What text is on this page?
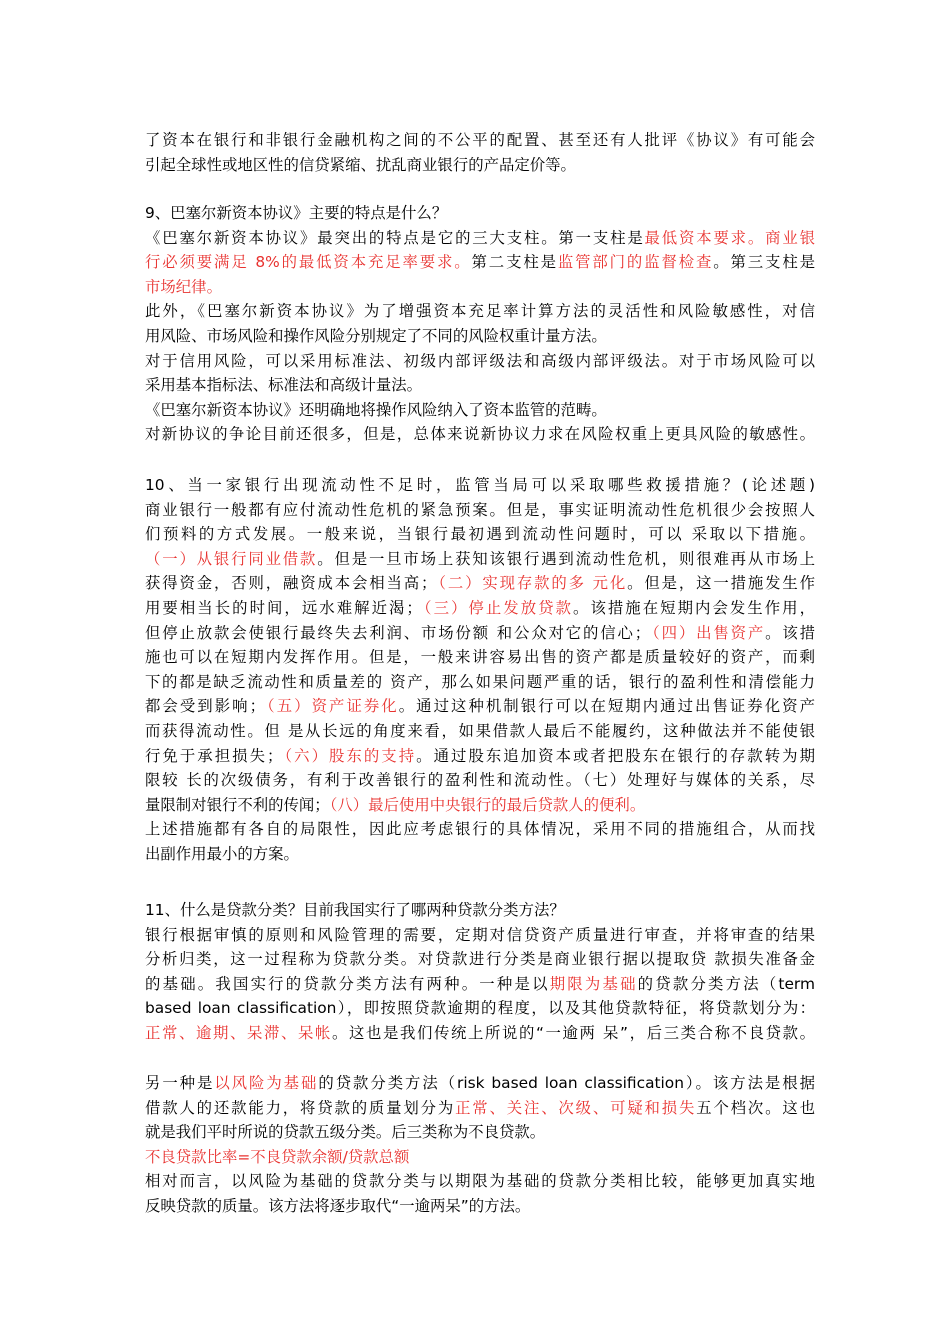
了资本在银行和非银行金融机构之间的不公平的配置、甚至还有人批评《协议》有可能会
引起全球性或地区性的信贷紧缩、扰乱商业银行的产品定价等。
9、巴塞尔新资本协议》主要的特点是什么？
《巴塞尔新资本协议》最突出的特点是它的三大支柱。第一支柱是最低资本要求。商业银
行必须要满足 8%的最低资本充足率要求。第二支柱是监管部门的监督检查。第三支柱是
市场纪律。
此外，《巴塞尔新资本协议》为了增强资本充足率计算方法的灵活性和风险敏感性，对信
用风险、市场风险和操作风险分别规定了不同的风险权重计量方法。
对于信用风险，可以采用标准法、初级内部评级法和高级内部评级法。对于市场风险可以
采用基本指标法、标准法和高级计量法。
《巴塞尔新资本协议》还明确地将操作风险纳入了资本监管的范畴。
对新协议的争论目前还很多，但是，总体来说新协议力求在风险权重上更具风险的敏感性。
10、当一家银行出现流动性不足时，监管当局可以采取哪些救援措施？(论述题)
商业银行一般都有应付流动性危机的紧急预案。但是，事实证明流动性危机很少会按照人
们预料的方式发展。一般来说，当银行最初遇到流动性问题时，可以 采取以下措施。
（一）从银行同业借款。但是一旦市场上获知该银行遇到流动性危机，则很难再从市场上
获得资金，否则，融资成本会相当高；（二）实现存款的多 元化。但是，这一措施发生作
用要相当长的时间，远水难解近渴；（三）停止发放贷款。该措施在短期内会发生作用，
但停止放款会使银行最终失去利润、市场份额 和公众对它的信心；（四）出售资产。该措
施也可以在短期内发挥作用。但是，一般来讲容易出售的资产都是质量较好的资产，而剩
下的都是缺乏流动性和质量差的 资产，那么如果问题严重的话，银行的盈利性和清偿能力
都会受到影响；（五）资产证券化。通过这种机制银行可以在短期内通过出售证券化资产
而获得流动性。但 是从长远的角度来看，如果借款人最后不能履约，这种做法并不能使银
行免于承担损失；（六）股东的支持。通过股东追加资本或者把股东在银行的存款转为期
限较 长的次级债务，有利于改善银行的盈利性和流动性。（七）处理好与媒体的关系，尽
量限制对银行不利的传闻；（八）最后使用中央银行的最后贷款人的便利。
上述措施都有各自的局限性，因此应考虑银行的具体情况，采用不同的措施组合，从而找
出副作用最小的方案。
11、什么是贷款分类？目前我国实行了哪两种贷款分类方法？
银行根据审慎的原则和风险管理的需要，定期对信贷资产质量进行审查，并将审查的结果
分析归类，这一过程称为贷款分类。对贷款进行分类是商业银行据以提取贷 款损失准备金
的基础。我国实行的贷款分类方法有两种。一种是以期限为基础的贷款分类方法（term
based loan classification），即按照贷款逾期的程度，以及其他贷款特征，将贷款划分为：
正常、逾期、呆滞、呆帐。这也是我们传统上所说的“一逾两 呆”，后三类合称不良贷款。
另一种是以风险为基础的贷款分类方法（risk based loan classification）。该方法是根据
借款人的还款能力，将贷款的质量划分为正常、关注、次级、可疑和损失五个档次。这也
就是我们平时所说的贷款五级分类。后三类称为不良贷款。
不良贷款比率=不良贷款余额/贷款总额
相对而言，以风险为基础的贷款分类与以期限为基础的贷款分类相比较，能够更加真实地
反映贷款的质量。该方法将逐步取代“一逾两呆”的方法。
